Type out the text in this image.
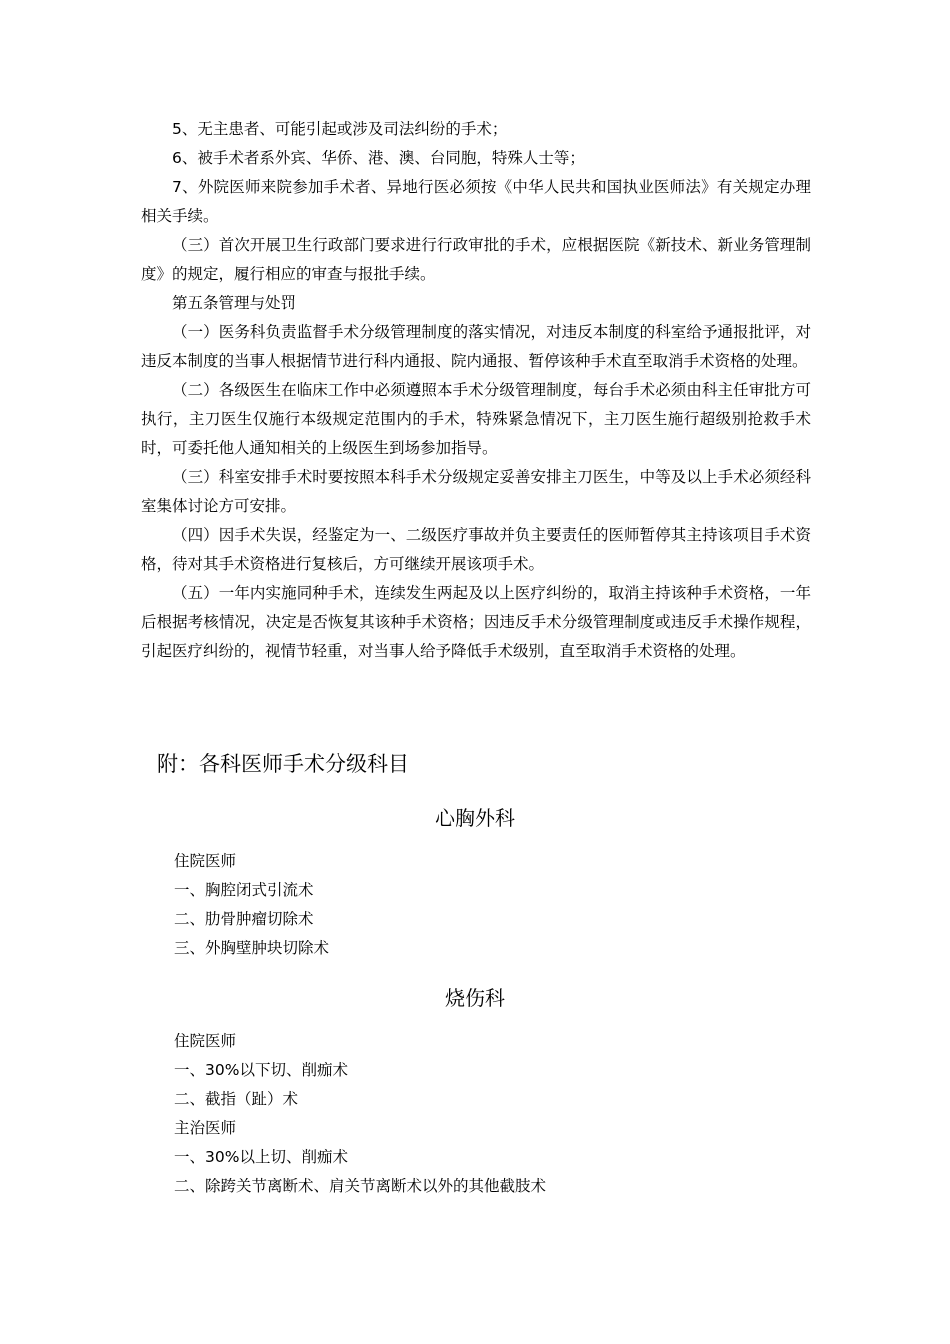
5、无主患者、可能引起或涉及司法纠纷的手术；

6、被手术者系外宾、华侨、港、澳、台同胞，特殊人士等；

7、外院医师来院参加手术者、异地行医必须按《中华人民共和国执业医师法》有关规定办理相关手续。

（三）首次开展卫生行政部门要求进行行政审批的手术，应根据医院《新技术、新业务管理制度》的规定，履行相应的审查与报批手续。

第五条管理与处罚

（一）医务科负责监督手术分级管理制度的落实情况，对违反本制度的科室给予通报批评，对违反本制度的当事人根据情节进行科内通报、院内通报、暂停该种手术直至取消手术资格的处理。

（二）各级医生在临床工作中必须遵照本手术分级管理制度，每台手术必须由科主任审批方可执行，主刀医生仅施行本级规定范围内的手术，特殊紧急情况下，主刀医生施行超级别抢救手术时，可委托他人通知相关的上级医生到场参加指导。

（三）科室安排手术时要按照本科手术分级规定妥善安排主刀医生，中等及以上手术必须经科室集体讨论方可安排。

（四）因手术失误，经鉴定为一、二级医疗事故并负主要责任的医师暂停其主持该项目手术资格，待对其手术资格进行复核后，方可继续开展该项手术。

（五）一年内实施同种手术，连续发生两起及以上医疗纠纷的，取消主持该种手术资格，一年后根据考核情况，决定是否恢复其该种手术资格；因违反手术分级管理制度或违反手术操作规程，引起医疗纠纷的，视情节轻重，对当事人给予降低手术级别，直至取消手术资格的处理。

附：各科医师手术分级科目
心胸外科
住院医师
一、胸腔闭式引流术
二、肋骨肿瘤切除术
三、外胸壁肿块切除术
烧伤科
住院医师
一、30%以下切、削痂术
二、截指（趾）术
主治医师
一、30%以上切、削痂术
二、除跨关节离断术、肩关节离断术以外的其他截肢术
